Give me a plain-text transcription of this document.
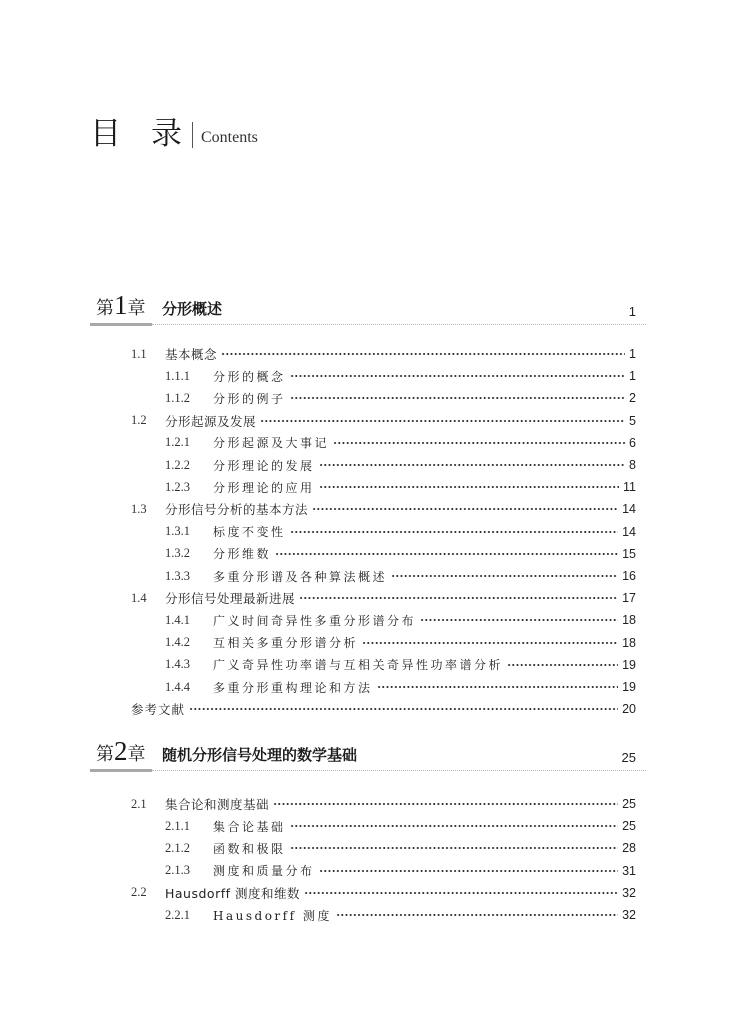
目 录 Contents
第1章 分形概述	1
1.1	基本概念	1
1.1.1	分形的概念	1
1.1.2	分形的例子	2
1.2	分形起源及发展	5
1.2.1	分形起源及大事记	6
1.2.2	分形理论的发展	8
1.2.3	分形理论的应用	11
1.3	分形信号分析的基本方法	14
1.3.1	标度不变性	14
1.3.2	分形维数	15
1.3.3	多重分形谱及各种算法概述	16
1.4	分形信号处理最新进展	17
1.4.1	广义时间奇异性多重分形谱分布	18
1.4.2	互相关多重分形谱分析	18
1.4.3	广义奇异性功率谱与互相关奇异性功率谱分析	19
1.4.4	多重分形重构理论和方法	19
参考文献	20
第2章 随机分形信号处理的数学基础	25
2.1	集合论和测度基础	25
2.1.1	集合论基础	25
2.1.2	函数和极限	28
2.1.3	测度和质量分布	31
2.2	Hausdorff 测度和维数	32
2.2.1	Hausdorff 测度	32
